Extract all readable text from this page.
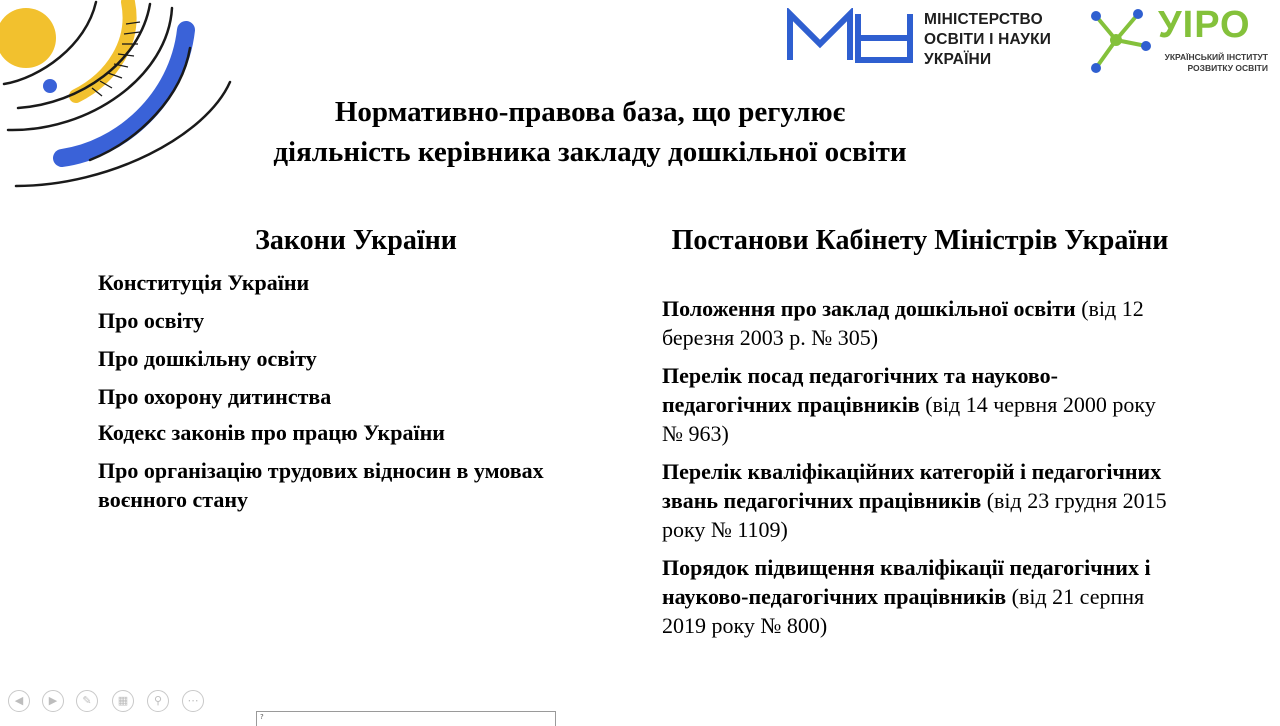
МІНІСТЕРСТВО
ОСВІТИ І НАУКИ
УКРАЇНИ
УІРО
УКРАЇНСЬКИЙ ІНСТИТУТ
РОЗВИТКУ ОСВІТИ
Нормативно-правова база, що регулює
діяльність керівника закладу дошкільної освіти
Закони України

Конституція України

Про освіту

Про дошкільну освіту

Про охорону дитинства

Кодекс законів про працю України

Про організацію трудових відносин в умовах воєнного стану

Постанови Кабінету Міністрів України

Положення про заклад дошкільної освіти (від 12 березня 2003 р. № 305)

Перелік посад педагогічних та науково-педагогічних працівників (від 14 червня 2000 року № 963)

Перелік кваліфікаційних категорій і педагогічних звань педагогічних працівників (від 23 грудня 2015 року № 1109)

Порядок підвищення кваліфікації педагогічних і науково-педагогічних працівників (від 21 серпня 2019 року № 800)

◀	▶	✎	▦	⚲	⋯
?
